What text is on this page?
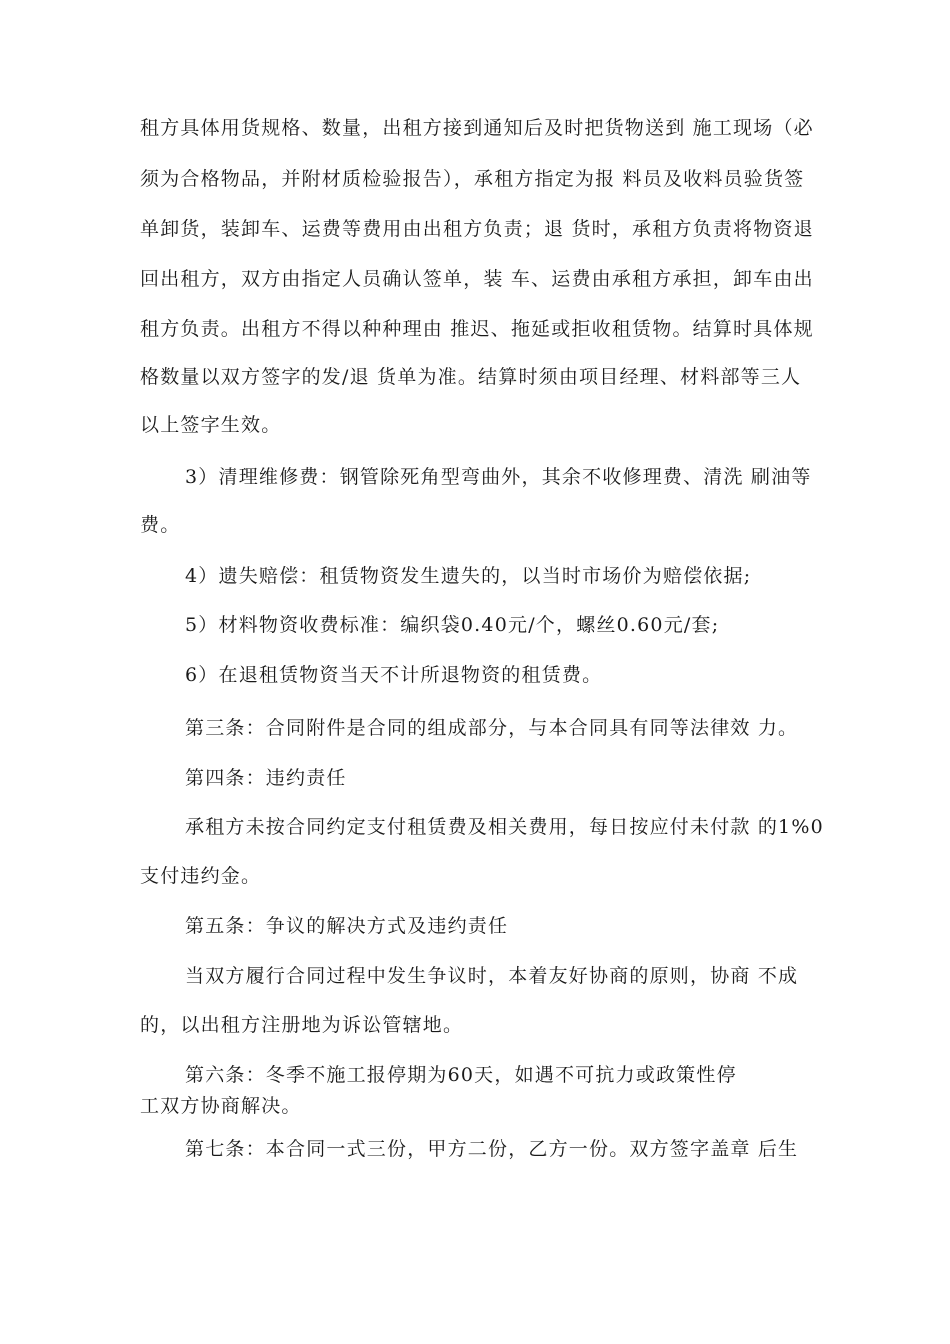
租方具体用货规格、数量，出租方接到通知后及时把货物送到 施工现场（必
须为合格物品，并附材质检验报告），承租方指定为报 料员及收料员验货签
单卸货，装卸车、运费等费用由出租方负责；退 货时，承租方负责将物资退
回出租方，双方由指定人员确认签单，装 车、运费由承租方承担，卸车由出
租方负责。出租方不得以种种理由 推迟、拖延或拒收租赁物。结算时具体规
格数量以双方签字的发/退 货单为准。结算时须由项目经理、材料部等三人
以上签字生效。
3）清理维修费：钢管除死角型弯曲外，其余不收修理费、清洗 刷油等
费。
4）遗失赔偿：租赁物资发生遗失的，以当时市场价为赔偿依据;
5）材料物资收费标准：编织袋0.40元/个，螺丝0.60元/套;
6）在退租赁物资当天不计所退物资的租赁费。
第三条：合同附件是合同的组成部分，与本合同具有同等法律效 力。
第四条：违约责任
承租方未按合同约定支付租赁费及相关费用，每日按应付未付款 的1%0
支付违约金。
第五条：争议的解决方式及违约责任
当双方履行合同过程中发生争议时，本着友好协商的原则，协商 不成
的，以出租方注册地为诉讼管辖地。
第六条：冬季不施工报停期为60天，如遇不可抗力或政策性停
工双方协商解决。
第七条：本合同一式三份，甲方二份，乙方一份。双方签字盖章 后生
